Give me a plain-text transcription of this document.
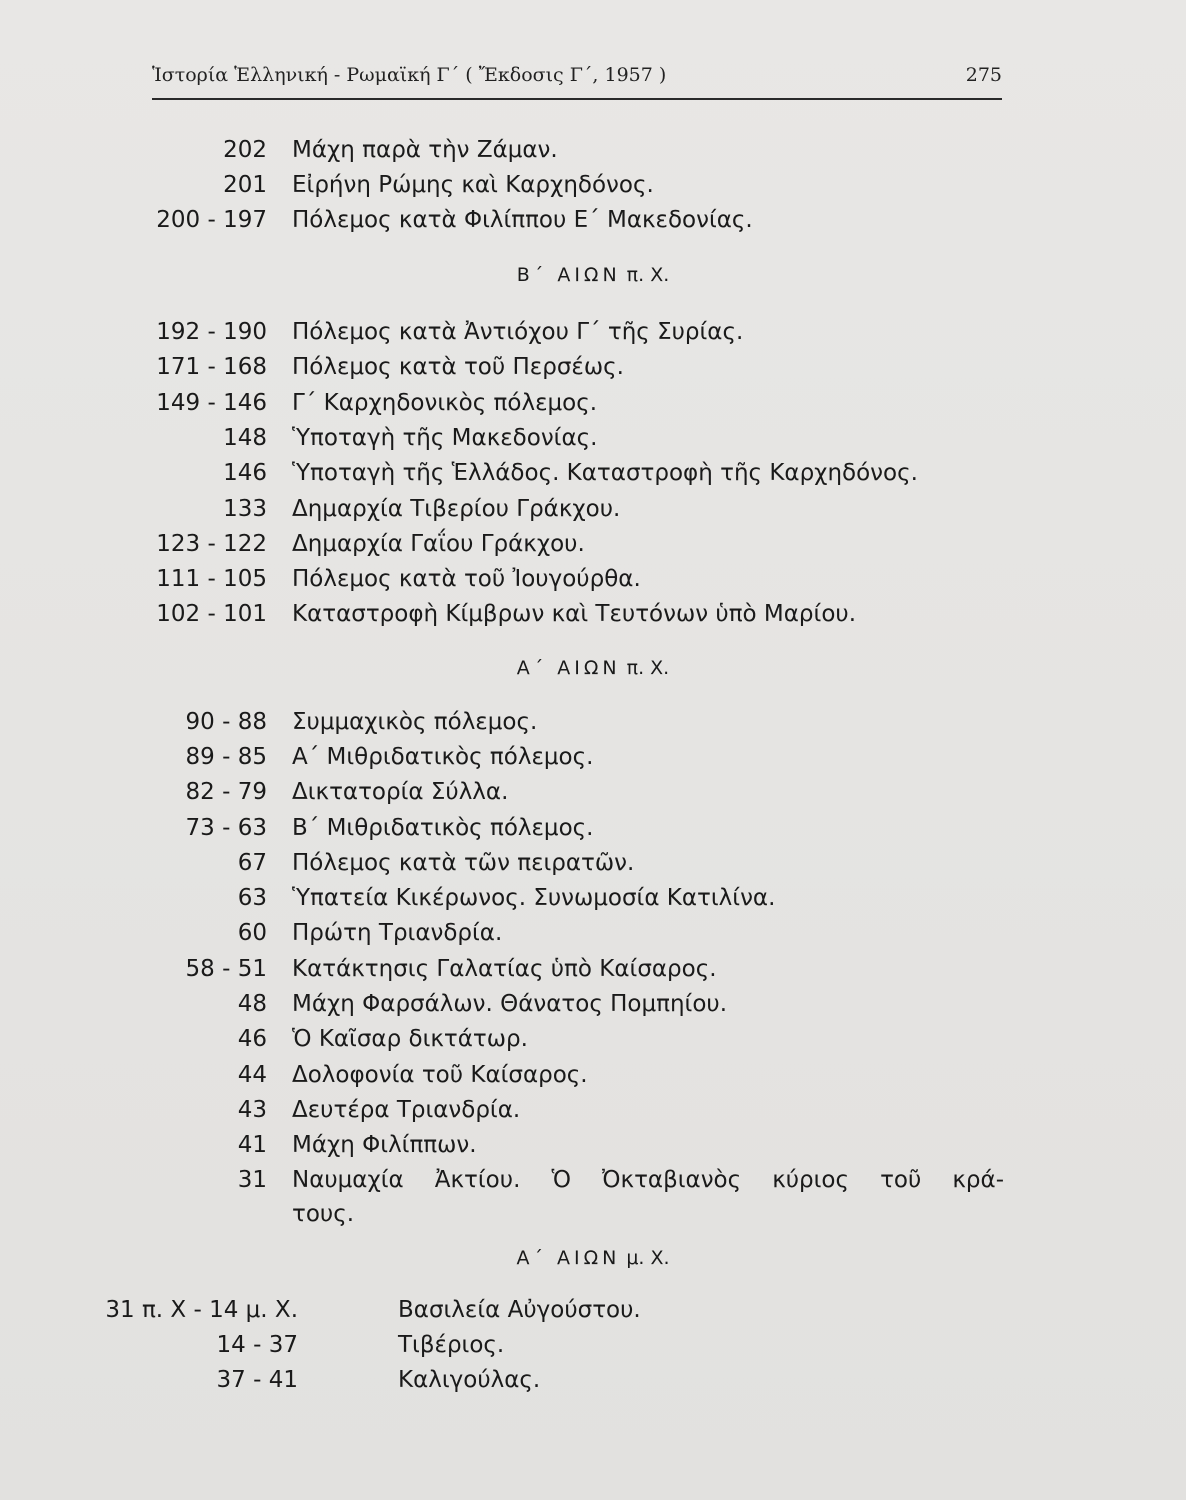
Ἱστορία Ἑλληνική - Ρωμαϊκή Γ΄ ( Ἔκδοσις Γ΄, 1957 )	275
202 Μάχη παρὰ τὴν Ζάμαν.
201 Εἰρήνη Ρώμης καὶ Καρχηδόνος.
200 - 197 Πόλεμος κατὰ Φιλίππου Ε΄ Μακεδονίας.
Β΄ ΑΙΩΝ π. Χ.
192 - 190 Πόλεμος κατὰ Ἀντιόχου Γ΄ τῆς Συρίας.
171 - 168 Πόλεμος κατὰ τοῦ Περσέως.
149 - 146 Γ΄ Καρχηδονικὸς πόλεμος.
148 Ὑποταγὴ τῆς Μακεδονίας.
146 Ὑποταγὴ τῆς Ἑλλάδος. Καταστροφὴ τῆς Καρχηδόνος.
133 Δημαρχία Τιβερίου Γράκχου.
123 - 122 Δημαρχία Γαΐου Γράκχου.
111 - 105 Πόλεμος κατὰ τοῦ Ἰουγούρθα.
102 - 101 Καταστροφὴ Κίμβρων καὶ Τευτόνων ὑπὸ Μαρίου.
Α΄ ΑΙΩΝ π. Χ.
90 - 88 Συμμαχικὸς πόλεμος.
89 - 85 Α΄ Μιθριδατικὸς πόλεμος.
82 - 79 Δικτατορία Σύλλα.
73 - 63 Β΄ Μιθριδατικὸς πόλεμος.
67 Πόλεμος κατὰ τῶν πειρατῶν.
63 Ὑπατεία Κικέρωνος. Συνωμοσία Κατιλίνα.
60 Πρώτη Τριανδρία.
58 - 51 Κατάκτησις Γαλατίας ὑπὸ Καίσαρος.
48 Μάχη Φαρσάλων. Θάνατος Πομπηίου.
46 Ὁ Καῖσαρ δικτάτωρ.
44 Δολοφονία τοῦ Καίσαρος.
43 Δευτέρα Τριανδρία.
41 Μάχη Φιλίππων.
31 Ναυμαχία Ἀκτίου. Ὁ Ὀκταβιανὸς κύριος τοῦ κρά-
τους.
Α΄ ΑΙΩΝ μ. Χ.
31 π. Χ - 14 μ. Χ.	Βασιλεία Αὐγούστου.
14 - 37	Τιβέριος.
37 - 41	Καλιγούλας.
